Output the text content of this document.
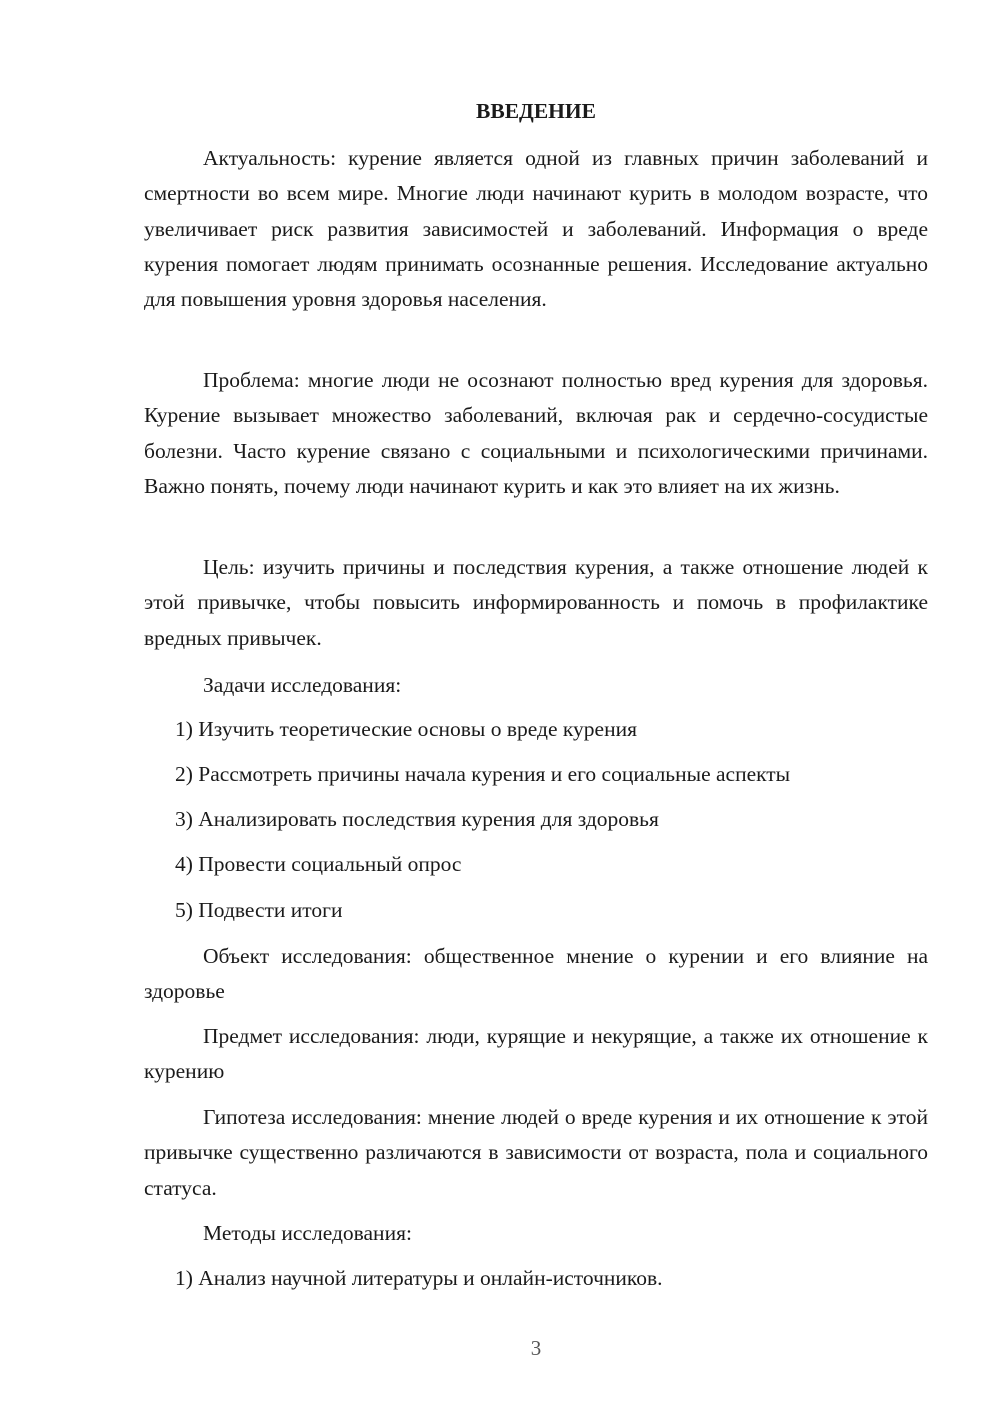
ВВЕДЕНИЕ

Актуальность: курение является одной из главных причин заболеваний и смертности во всем мире. Многие люди начинают курить в молодом возрасте, что увеличивает риск развития зависимостей и заболеваний. Информация о вреде курения помогает людям принимать осознанные решения. Исследование актуально для повышения уровня здоровья населения.

Проблема: многие люди не осознают полностью вред курения для здоровья. Курение вызывает множество заболеваний, включая рак и сердечно-сосудистые болезни. Часто курение связано с социальными и психологическими причинами. Важно понять, почему люди начинают курить и как это влияет на их жизнь.

Цель: изучить причины и последствия курения, а также отношение людей к этой привычке, чтобы повысить информированность и помочь в профилактике вредных привычек.

Задачи исследования:

1) Изучить теоретические основы о вреде курения

2) Рассмотреть причины начала курения и его социальные аспекты

3) Анализировать последствия курения для здоровья

4) Провести социальный опрос

5) Подвести итоги

Объект исследования: общественное мнение о курении и его влияние на здоровье

Предмет исследования: люди, курящие и некурящие, а также их отношение к курению

Гипотеза исследования: мнение людей о вреде курения и их отношение к этой привычке существенно различаются в зависимости от возраста, пола и социального статуса.

Методы исследования:

1) Анализ научной литературы и онлайн-источников.

3
